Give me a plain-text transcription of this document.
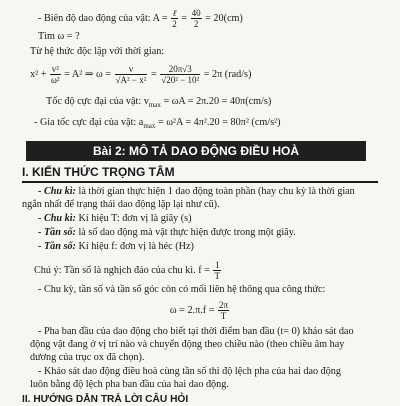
- Biên độ dao động của vật: $A = \frac{\text{ℓ}}{2} = \frac{40}{2} = 20(cm)$
Tìm ω = ?
Từ hệ thức độc lập với thời gian:
$x^2 + \frac{\text{v²}}{\text{ω²}} = A^2$ ⇒ $\omega = \frac{v}{\text{√A² − x²}} = \frac{20\pi√3}{\text{√20² − 10²}} = 2\pi$ (rad/s)
Tốc độ cực đại của vật: $v_{max} = \omega A = 2\pi.20 = 40\pi(cm/s)$
- Gia tốc cực đại của vật: $a_{max} = \omega^2A = 4\pi^2.20 = 80\pi^2$ (cm/s²)
Bài 2: MÔ TẢ DAO ĐỘNG ĐIỀU HOÀ
I. KIẾN THỨC TRỌNG TÂM
- Chu kì: là thời gian thực hiện 1 dao động toàn phần (hay chu kỳ là thời gian
ngắn nhất để trạng thái dao động lặp lại như cũ).
- Chu kì: Kí hiệu T: đơn vị là giây (s)
- Tần số: là số dao động mà vật thực hiện được trong một giây.
- Tần số: Kí hiệu f: đơn vị là héc (Hz)
Chú ý: Tần số là nghịch đảo của chu kì. $f = \frac{1}{T}$
- Chu kỳ, tần số và tần số góc còn có mối liên hệ thông qua công thức:
$\omega = 2.\pi.f = \frac{2\pi}{T}$
- Pha ban đầu của dao động cho biết tại thời điểm ban đầu (t= 0) khảo sát dao
động vật đang ở vị trí nào và chuyển động theo chiều nào (theo chiều âm hay
dương của trục ox đã chọn).
- Khảo sát dao động điều hoà cùng tần số thì độ lệch pha của hai dao động
luôn bằng độ lệch pha ban đầu của hai dao động.
II. HƯỚNG DẪN TRẢ LỜI CÂU HỎI
